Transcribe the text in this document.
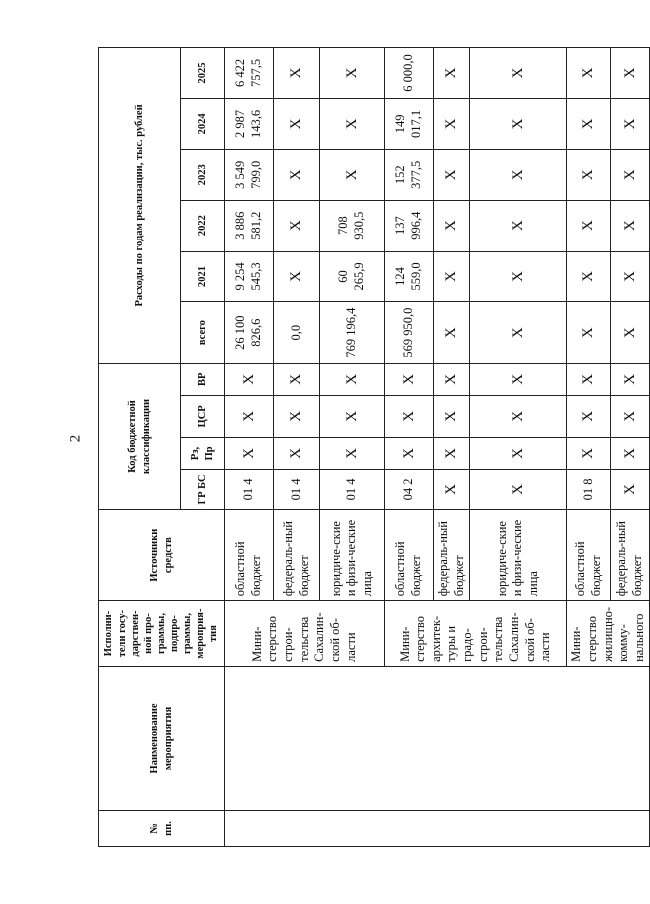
2
№ пп.	Наименование мероприятия	Исполни-тели госу-дарствен-ной про-граммы, подпро-граммы, мероприя-тия	Источники средств	Код бюджетной классификации				Расходы по годам реализации, тыс. рублей					
				ГР БС	Рз, Пр	ЦСР	ВР	всего	2021	2022	2023	2024	2025
		Мини-стерство строи-тельства Сахалин-ской об-ласти	областной бюджет	01 4	X	X	X	26 100 826,6	9 254 545,3	3 886 581,2	3 549 799,0	2 987 143,6	6 422 757,5
			федераль-ный бюджет	01 4	X	X	X	0,0	X	X	X	X	X
			юридиче-ские и физи-ческие лица	01 4	X	X	X	769 196,4	60 265,9	708 930,5	X	X	X
		Мини-стерство архитек-туры и градо-строи-тельства Сахалин-ской об-ласти	областной бюджет	04 2	X	X	X	569 950,0	124 559,0	137 996,4	152 377,5	149 017,1	6 000,0
			федераль-ный бюджет	X	X	X	X	X	X	X	X	X	X
			юридиче-ские и физи-ческие лица	X	X	X	X	X	X	X	X	X	X
		Мини-стерство жилищно-комму-нального	областной бюджет	01 8	X	X	X	X	X	X	X	X	X
			федераль-ный бюджет	X	X	X	X	X	X	X	X	X	X
